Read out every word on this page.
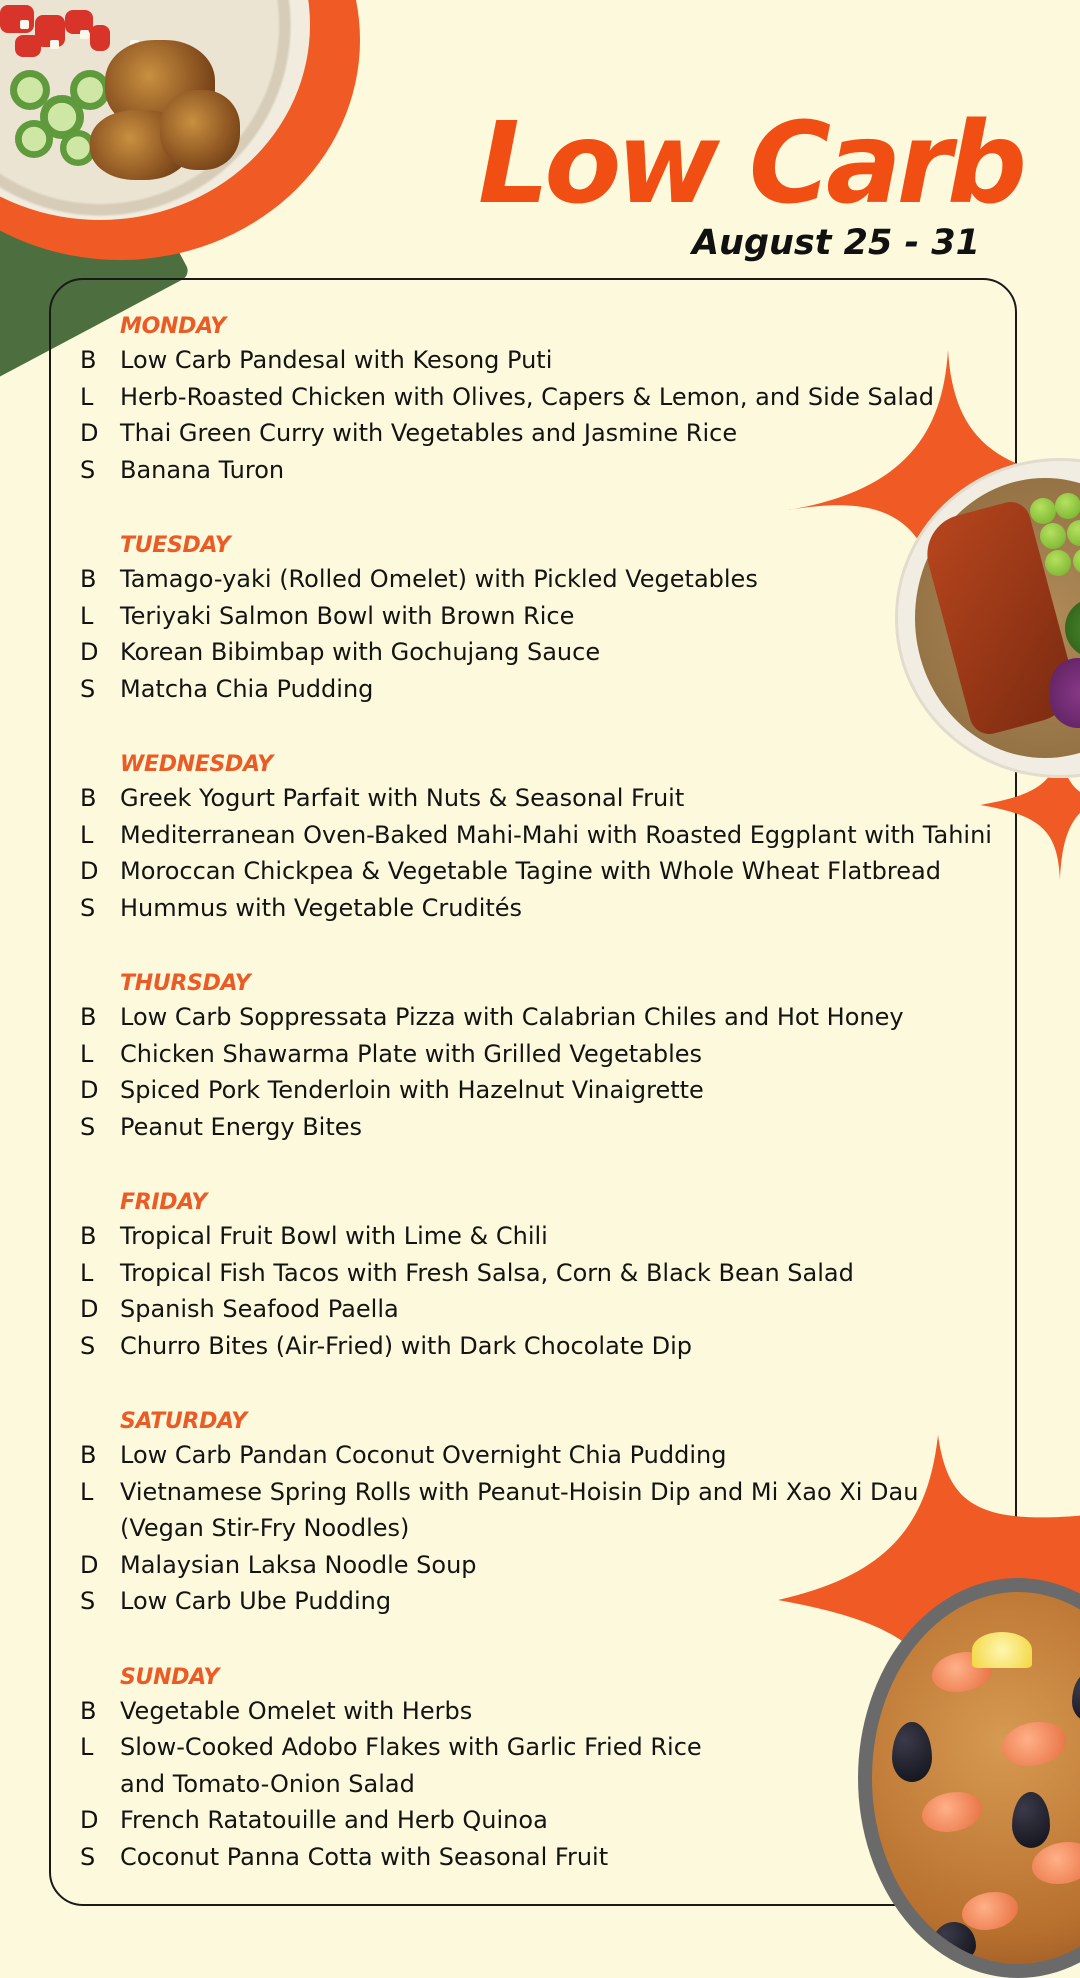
Low Carb
August 25 - 31
MONDAY
B Low Carb Pandesal with Kesong Puti
L	Herb-Roasted Chicken with Olives, Capers & Lemon, and Side Salad
D Thai Green Curry with Vegetables and Jasmine Rice
S	Banana Turon
TUESDAY
B Tamago-yaki (Rolled Omelet) with Pickled Vegetables
L	Teriyaki Salmon Bowl with Brown Rice
D Korean Bibimbap with Gochujang Sauce
S	Matcha Chia Pudding
WEDNESDAY
B Greek Yogurt Parfait with Nuts & Seasonal Fruit
L	Mediterranean Oven-Baked Mahi-Mahi with Roasted Eggplant with Tahini
D Moroccan Chickpea & Vegetable Tagine with Whole Wheat Flatbread
S	Hummus with Vegetable Crudités
THURSDAY
B Low Carb Soppressata Pizza with Calabrian Chiles and Hot Honey
L	Chicken Shawarma Plate with Grilled Vegetables
D Spiced Pork Tenderloin with Hazelnut Vinaigrette
S	Peanut Energy Bites
FRIDAY
B Tropical Fruit Bowl with Lime & Chili
L	Tropical Fish Tacos with Fresh Salsa, Corn & Black Bean Salad
D Spanish Seafood Paella
S	Churro Bites (Air-Fried) with Dark Chocolate Dip
SATURDAY
B Low Carb Pandan Coconut Overnight Chia Pudding
L	Vietnamese Spring Rolls with Peanut-Hoisin Dip and Mi Xao Xi Dau
(Vegan Stir-Fry Noodles)
D Malaysian Laksa Noodle Soup
S	Low Carb Ube Pudding
SUNDAY
B Vegetable Omelet with Herbs
L	Slow-Cooked Adobo Flakes with Garlic Fried Rice
and Tomato-Onion Salad
D French Ratatouille and Herb Quinoa
S	Coconut Panna Cotta with Seasonal Fruit
